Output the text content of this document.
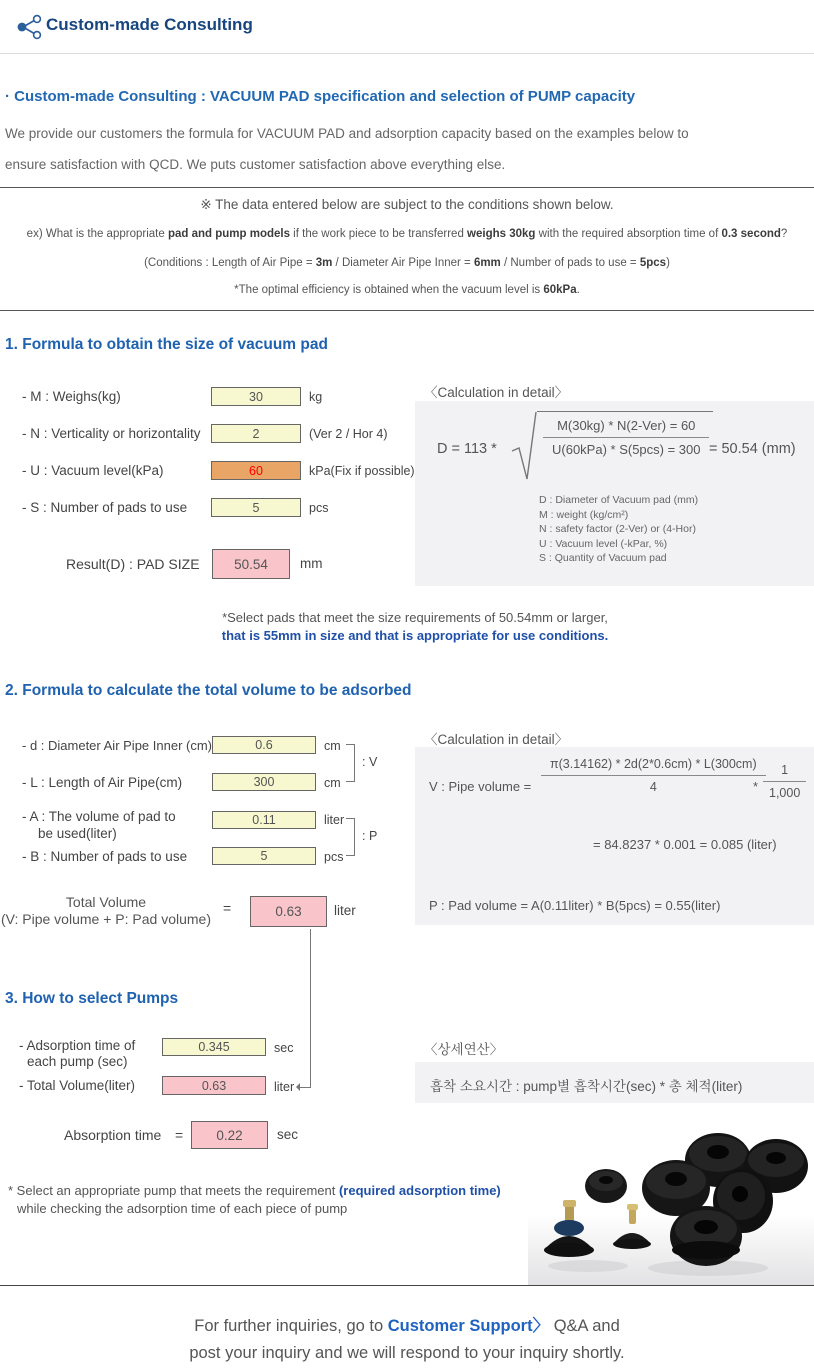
Custom-made Consulting
· Custom-made Consulting : VACUUM PAD specification and selection of PUMP capacity
We provide our customers the formula for VACUUM PAD and adsorption capacity based on the examples below to
ensure satisfaction with QCD. We puts customer satisfaction above everything else.
※ The data entered below are subject to the conditions shown below.
ex) What is the appropriate pad and pump models if the work piece to be transferred weighs 30kg with the required absorption time of 0.3 second?
(Conditions : Length of Air Pipe = 3m / Diameter Air Pipe Inner = 6mm / Number of pads to use = 5pcs)
*The optimal efficiency is obtained when the vacuum level is 60kPa.
1. Formula to obtain the size of vacuum pad
- M : Weighs(kg)	30	kg
- N : Verticality or horizontality	2	(Ver 2 / Hor 4)
- U : Vacuum level(kPa)	60	kPa(Fix if possible)
- S : Number of pads to use	5	pcs
Result(D) : PAD SIZE	50.54	mm
〈Calculation in detail〉
D = 113 *	$\frac{\text{M(30kg) * N(2-Ver) = 60}}{\text{U(60kPa) * S(5pcs) = 300}} = 50.54$ (mm)
D : Diameter of Vacuum pad (mm)
M : weight (kg/cm²)
N : safety factor (2-Ver) or (4-Hor)
U : Vacuum level (-kPar, %)
S : Quantity of Vacuum pad
*Select pads that meet the size requirements of 50.54mm or larger,
that is 55mm in size and that is appropriate for use conditions.
2. Formula to calculate the total volume to be adsorbed
- d : Diameter Air Pipe Inner (cm)	0.6	cm
- L : Length of Air Pipe(cm)	300	cm
: V
- A : The volume of pad to
be used(liter)
0.11	liter
- B : Number of pads to use	5	pcs
: P
Total Volume
(V: Pipe volume + P: Pad volume)
=	0.63	liter
〈Calculation in detail〉
V : Pipe volume = $\frac{\pi(3.14162) * 2d(2*0.6cm) * L(300cm)}{4}$
* $\frac{1}{1,000}$
= 84.8237 * 0.001 = 0.085 (liter)
P : Pad volume = A(0.11liter) * B(5pcs) = 0.55(liter)
3. How to select Pumps
- Adsorption time of
each pump (sec)
0.345	sec
- Total Volume(liter)	0.63	liter
Absorption time =	0.22	sec
〈상세연산〉
흡착 소요시간 : pump별 흡착시간(sec) * 총 체적(liter)
* Select an appropriate pump that meets the requirement (required adsorption time)
while checking the adsorption time of each piece of pump
For further inquiries, go to Customer Support〉 Q&A and
post your inquiry and we will respond to your inquiry shortly.
